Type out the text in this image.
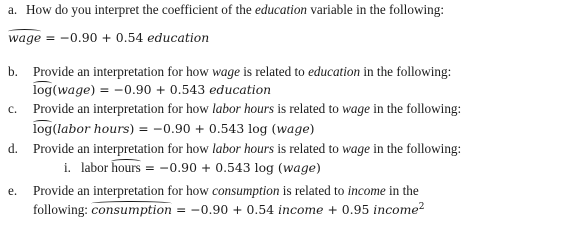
a. How do you interpret the coefficient of the education variable in the following:
wage = −0.90 + 0.54 education
b. Provide an interpretation for how wage is related to education in the following:
log(wage) = −0.90 + 0.543 education
c. Provide an interpretation for how labor hours is related to wage in the following:
log(labor hours) = −0.90 + 0.543 log (wage)
d. Provide an interpretation for how labor hours is related to wage in the following:
i. labor hours = −0.90 + 0.543 log (wage)
e. Provide an interpretation for how consumption is related to income in the
following: consumption = −0.90 + 0.54 income + 0.95 income$^2$
